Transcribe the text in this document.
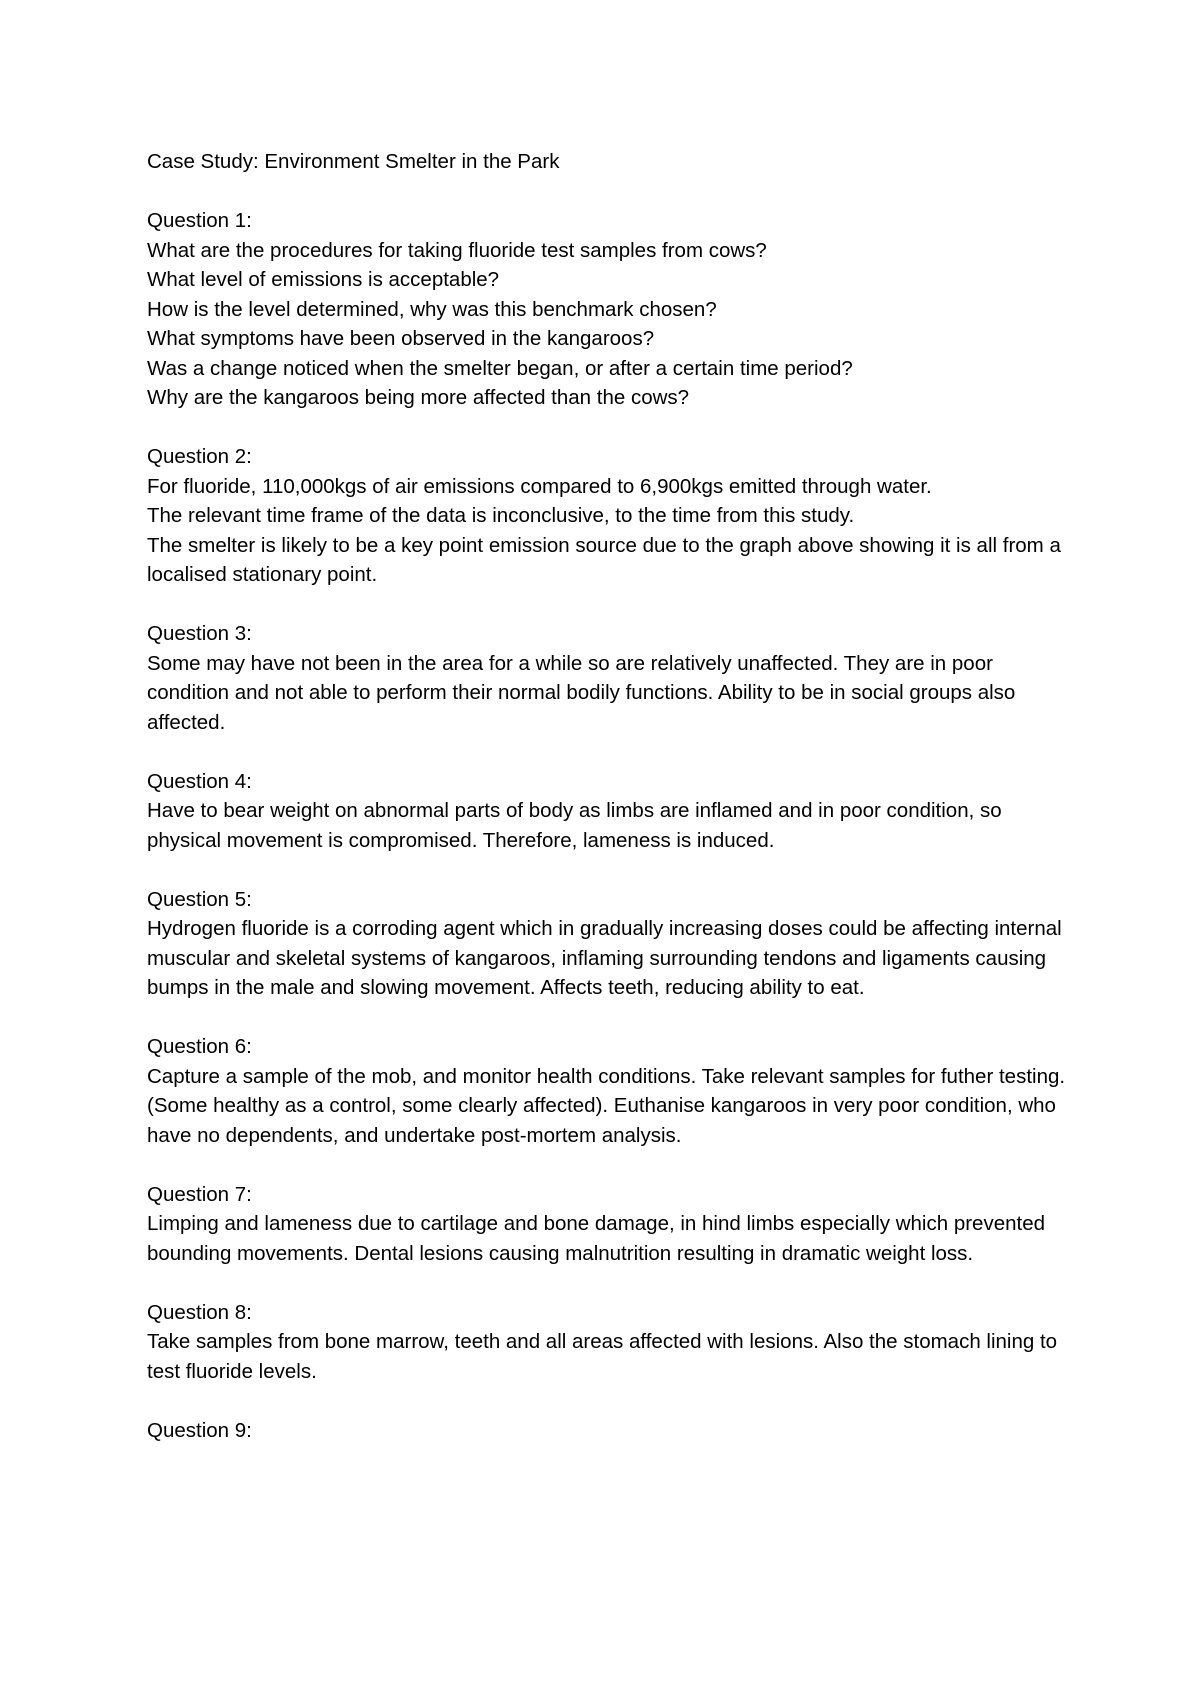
Case Study: Environment Smelter in the Park
Question 1:

What are the procedures for taking fluoride test samples from cows?

What level of emissions is acceptable?

How is the level determined, why was this benchmark chosen?

What symptoms have been observed in the kangaroos?

Was a change noticed when the smelter began, or after a certain time period?

Why are the kangaroos being more affected than the cows?

Question 2:

For fluoride, 110,000kgs of air emissions compared to 6,900kgs emitted through water.

The relevant time frame of the data is inconclusive, to the time from this study.

The smelter is likely to be a key point emission source due to the graph above showing it is all from a localised stationary point.

Question 3:

Some may have not been in the area for a while so are relatively unaffected. They are in poor condition and not able to perform their normal bodily functions. Ability to be in social groups also affected.

Question 4:

Have to bear weight on abnormal parts of body as limbs are inflamed and in poor condition, so physical movement is compromised. Therefore, lameness is induced.

Question 5:

Hydrogen fluoride is a corroding agent which in gradually increasing doses could be affecting internal muscular and skeletal systems of kangaroos, inflaming surrounding tendons and ligaments causing bumps in the male and slowing movement. Affects teeth, reducing ability to eat.

Question 6:

Capture a sample of the mob, and monitor health conditions. Take relevant samples for futher testing. (Some healthy as a control, some clearly affected). Euthanise kangaroos in very poor condition, who have no dependents, and undertake post-mortem analysis.

Question 7:

Limping and lameness due to cartilage and bone damage, in hind limbs especially which prevented bounding movements. Dental lesions causing malnutrition resulting in dramatic weight loss.

Question 8:

Take samples from bone marrow, teeth and all areas affected with lesions. Also the stomach lining to test fluoride levels.

Question 9:
